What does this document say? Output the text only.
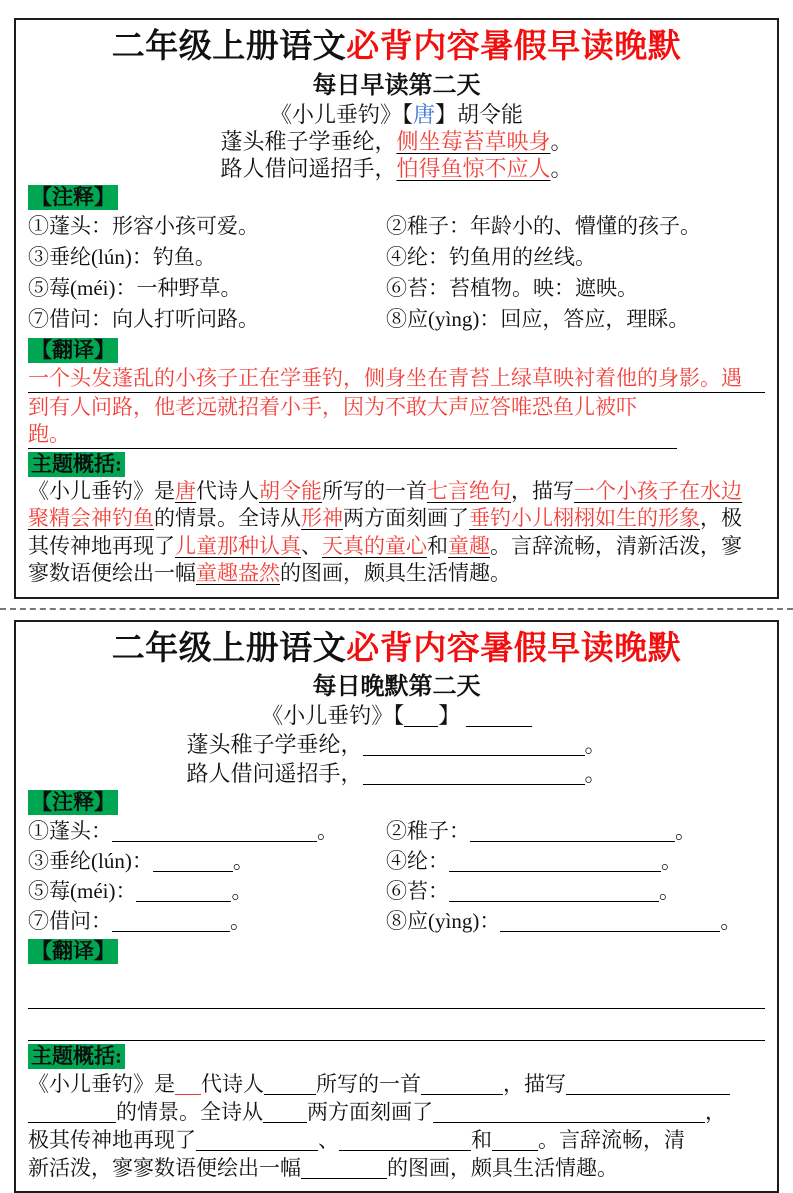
二年级上册语文必背内容暑假早读晚默
每日早读第二天
《小儿垂钓》【唐】胡令能
蓬头稚子学垂纶，侧坐莓苔草映身。
路人借问遥招手，怕得鱼惊不应人。
【注释】
①蓬头：形容小孩可爱。	②稚子：年龄小的、懵懂的孩子。
③垂纶(lún)：钓鱼。	④纶：钓鱼用的丝线。
⑤莓(méi)：一种野草。	⑥苔：苔植物。映：遮映。
⑦借问：向人打听问路。	⑧应(yìng)：回应，答应，理睬。
【翻译】
一个头发蓬乱的小孩子正在学垂钓，侧身坐在青苔上绿草映衬着他的身影。遇
到有人问路，他老远就招着小手，因为不敢大声应答唯恐鱼儿被吓跑。
主题概括:
《小儿垂钓》是唐代诗人胡令能所写的一首七言绝句，描写一个小孩子在水边
聚精会神钓鱼的情景。全诗从形神两方面刻画了垂钓小儿栩栩如生的形象，极
其传神地再现了儿童那种认真、天真的童心和童趣。言辞流畅，清新活泼，寥
寥数语便绘出一幅童趣盎然的图画，颇具生活情趣。
二年级上册语文必背内容暑假早读晚默
每日晚默第二天
《小儿垂钓》【 】
蓬头稚子学垂纶，	。
路人借问遥招手，	。
【注释】
①蓬头：	。	②稚子：	。
③垂纶(lún)：	。	④纶：	。
⑤莓(méi)：	。	⑥苔：	。
⑦借问：	。	⑧应(yìng)：	。
【翻译】
主题概括:
《小儿垂钓》是 代诗人 所写的一首	，描写
的情景。全诗从 两方面刻画了	，
极其传神地再现了	、	和 。言辞流畅，清
新活泼，寥寥数语便绘出一幅	的图画，颇具生活情趣。
